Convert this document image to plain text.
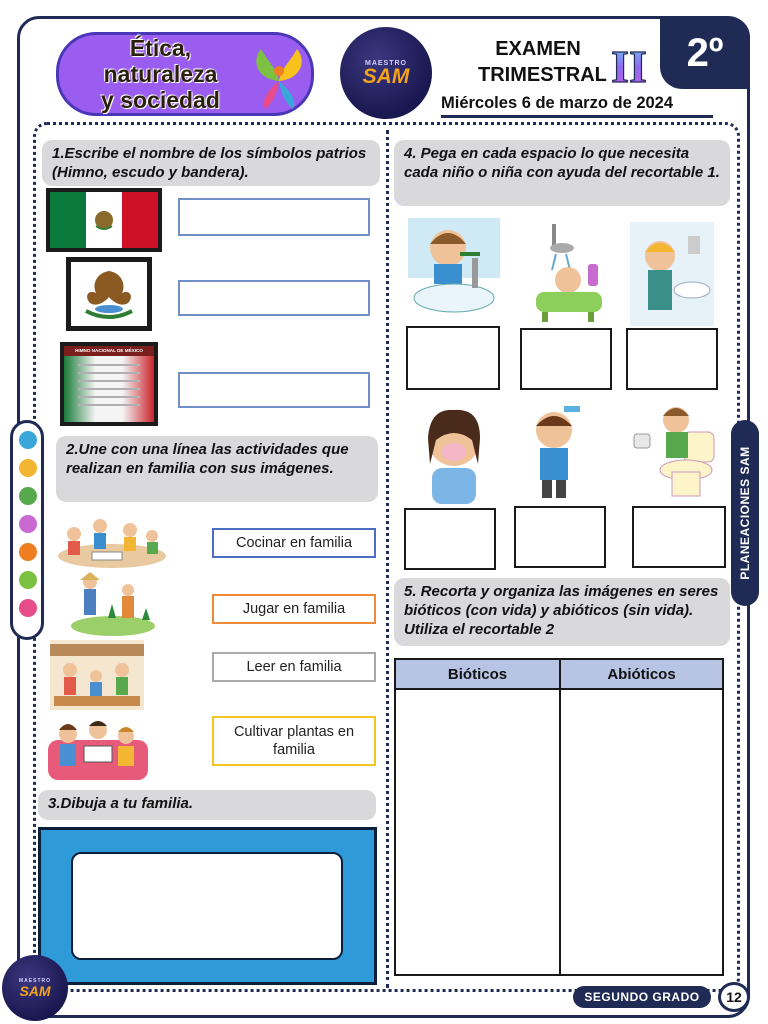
Ética, naturaleza
y sociedad
MAESTRO
SAM
EXAMEN
TRIMESTRAL II 2º
Miércoles 6 de marzo de 2024
1.Escribe el nombre de los símbolos patrios (Himno, escudo y bandera).
HIMNO NACIONAL DE MÉXICO
2.Une con una línea las actividades que realizan en familia con sus imágenes.
Cocinar en familia
Jugar en familia
Leer en familia
Cultivar plantas en familia
3.Dibuja a tu familia.
4. Pega en cada espacio lo que necesita cada niño o niña con ayuda del recortable 1.
5. Recorta y organiza las imágenes en seres bióticos (con vida) y abióticos (sin vida). Utiliza el recortable 2
Bióticos	Abióticos
PLANEACIONES SAM
MAESTRO
SAM	SEGUNDO GRADO	12
